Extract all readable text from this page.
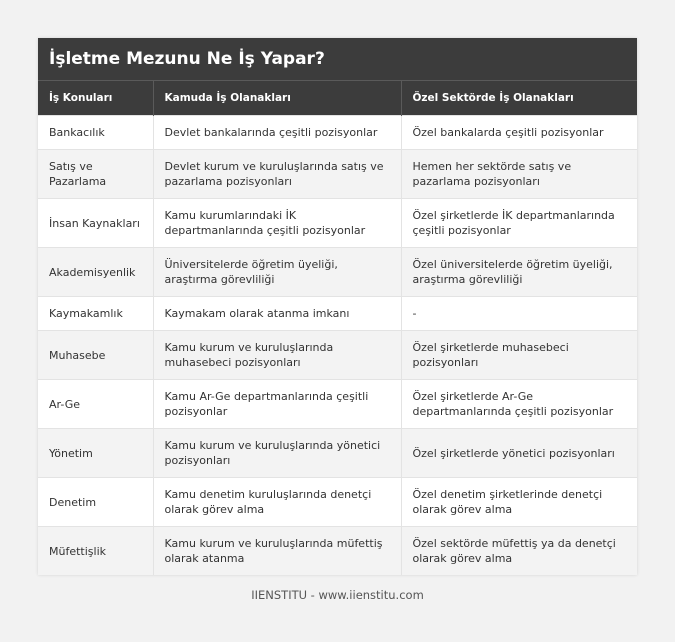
İşletme Mezunu Ne İş Yapar?
İş Konuları	Kamuda İş Olanakları	Özel Sektörde İş Olanakları
Bankacılık	Devlet bankalarında çeşitli pozisyonlar	Özel bankalarda çeşitli pozisyonlar
Satış ve Pazarlama	Devlet kurum ve kuruluşlarında satış ve pazarlama pozisyonları	Hemen her sektörde satış ve pazarlama pozisyonları
İnsan Kaynakları	Kamu kurumlarındaki İK departmanlarında çeşitli pozisyonlar	Özel şirketlerde İK departmanlarında çeşitli pozisyonlar
Akademisyenlik	Üniversitelerde öğretim üyeliği, araştırma görevliliği	Özel üniversitelerde öğretim üyeliği, araştırma görevliliği
Kaymakamlık	Kaymakam olarak atanma imkanı	-
Muhasebe	Kamu kurum ve kuruluşlarında muhasebeci pozisyonları	Özel şirketlerde muhasebeci pozisyonları
Ar-Ge	Kamu Ar-Ge departmanlarında çeşitli pozisyonlar	Özel şirketlerde Ar-Ge departmanlarında çeşitli pozisyonlar
Yönetim	Kamu kurum ve kuruluşlarında yönetici pozisyonları	Özel şirketlerde yönetici pozisyonları
Denetim	Kamu denetim kuruluşlarında denetçi olarak görev alma	Özel denetim şirketlerinde denetçi olarak görev alma
Müfettişlik	Kamu kurum ve kuruluşlarında müfettiş olarak atanma	Özel sektörde müfettiş ya da denetçi olarak görev alma
IIENSTITU - www.iienstitu.com
